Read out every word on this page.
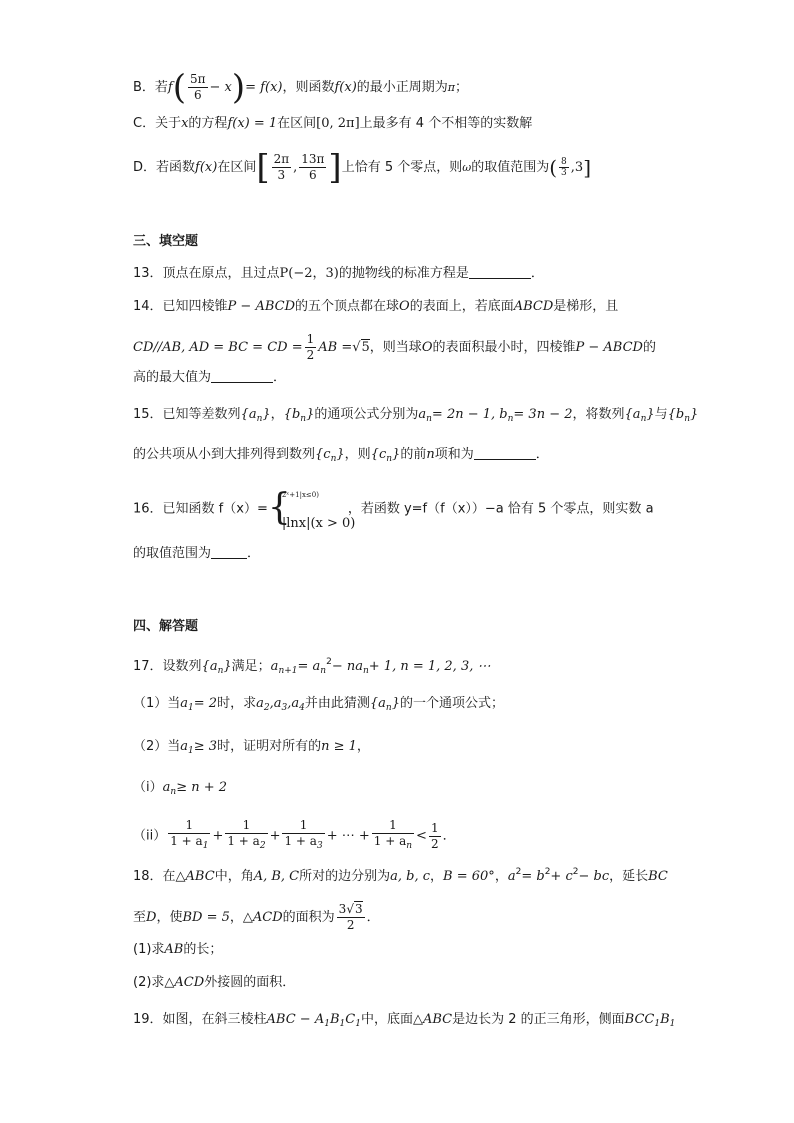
B．若$f( \frac{5\pi}{6} - x)= f(x)$，则函数f(x)的最小正周期为π；
C．关于x的方程f(x) = 1在区间[0, 2π]上最多有 4 个不相等的实数解
D．若函数f(x)在区间[ $\frac{2\pi}{3}$ , $\frac{13\pi}{6}$ ]上恰有 5 个零点，则ω的取值范围为( $\frac{8}{3} ,3$]
三、填空题
13．顶点在原点，且过点P(−2，3)的抛物线的标准方程是	．
14．已知四棱锥P − ABCD的五个顶点都在球O的表面上，若底面ABCD是梯形，且
CD//AB, AD = BC = CD = $\frac{1}{2}$ AB =√5，则当球O的表面积最小时，四棱锥P − ABCD的
高的最大值为	．
15．已知等差数列$\{a_n\}$，$\{b_n\}$的通项公式分别为$a_n= 2n - 1$, $b_n= 3n - 2$，将数列$\{a_n\}$与$\{b_n\}$
的公共项从小到大排列得到数列$\{c_n\}$，则$\{c_n\}$的前n项和为	．
16．已知函数 f（x）= {
2ˣ+1|x≤0)
|lnx|(x > 0)
，若函数 y=f（f（x））−a 恰有 5 个零点，则实数 a
的取值范围为	．
四、解答题
17．设数列$\{a_n\}$满足；$a_{n+1}= a_n^2- na_n+ 1$, n = 1, 2, 3, ⋯
（1）当$a_1= 2$时，求$a_2,a_3,a_4$并由此猜测$\{a_n\}$的一个通项公式；
（2）当$a_1\ge 3$时，证明对所有的n ≥ 1，
$(i)a_n\ge n + 2$
$(ii) \frac{1}{1 + a_1} + \frac{1}{1 + a_2} + \frac{1}{1 + a_3}$ + ⋯ + $\frac{1}{1 + a_n} < \frac{1}{2}$ ．
18．在△ABC中，角A, B, C所对的边分别为a, b, c，B = 60°，$a^2= b^2+ c^2-$ bc，延长BC
至D，使BD = 5，△ACD的面积为 $\frac{3√3}{2}$ ．
(1)求AB的长；
(2)求△ACD外接圆的面积．
19．如图，在斜三棱柱ABC − $A_1B_1C_1$中，底面△ABC是边长为 2 的正三角形，侧面$BCC_1B_1$
